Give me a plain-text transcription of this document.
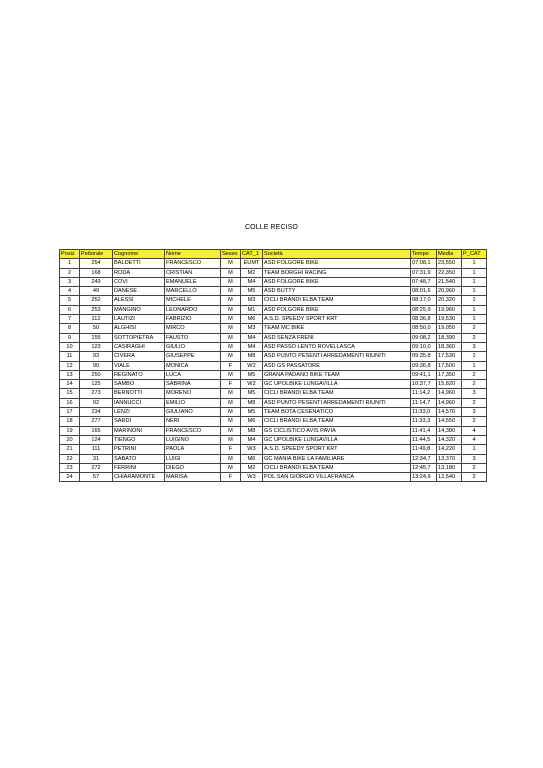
COLLE RECISO
Posiz	Pettorale	Cognome	Nome	Sesso	CAT_1	Società	Tempo	Media	P_CAT
1	254	BALDETTI	FRANCESCO	M	EUMT	ASD FOLGORE BIKE	07:08,1	23,550	1
2	168	RODA	CRISTIAN	M	M2	TEAM BORGHI RACING	07:31,9	22,350	1
3	249	COVI	EMANUELE	M	M4	ASD FOLGORE BIKE	07:48,7	21,540	1
4	49	DANESE	MARCELLO	M	M5	ASD BUTTY	08:01,6	20,960	1
5	252	ALESSI	MICHELE	M	M3	CICLI BRANDI ELBA TEAM	08:17,0	20,320	1
6	253	MANGINO	LEONARDO	M	M1	ASD FOLGORE BIKE	08:25,9	19,960	1
7	112	LAUTIZI	FABRIZIO	M	M6	A.S.D. SPEEDY SPORT KRT	08:36,8	19,530	1
8	50	ALGHISI	MIRCO	M	M3	TEAM MC BIKE	08:50,0	19,050	2
9	155	SOTTOPIETRA	FAUSTO	M	M4	ASD SENZA FRENI	09:08,2	18,390	2
10	123	CASIRAGHI	GIULIO	M	M4	ASD PASSO LENTO ROVELLASCA	09:10,0	18,360	3
11	93	CIVERA	GIUSEPPE	M	M8	ASD PUNTO PESENTI ARREDAMENTI RIUNITI	09:35,8	17,530	1
12	90	VIALE	MONICA	F	W2	ASD GS PASSATORE	09:36,8	17,500	1
13	250	REGINATO	LUCA	M	M5	GRANA PADANO BIKE TEAM	09:41,1	17,350	2
14	125	SAMBO	SABRINA	F	W2	GC UPOLBIKE LUNGAVILLA	10:37,7	15,820	2
15	273	BERNOTTI	MORENO	M	M5	CICLI BRANDI ELBA TEAM	11:14,2	14,960	3
16	92	IANNUCCI	EMILIO	M	M8	ASD PUNTO PESENTI ARREDAMENTI RIUNITI	11:14,7	14,960	2
17	234	LENZI	GIULIANO	M	M5	TEAM BOTA CESENATICO	11:33,0	14,570	3
18	277	SARDI	NERI	M	M6	CICLI BRANDI ELBA TEAM	11:33,3	14,550	2
19	165	MARINONI	FRANCESCO	M	M8	GS CICLISTICO AVIS PAVIA	11:41,4	14,380	4
20	124	TIENGO	LUIGINO	M	M4	GC UPOLBIKE LUNGAVILLA	11:44,5	14,320	4
21	111	PETRINI	PAOLA	F	W3	A.S.D. SPEEDY SPORT KRT	11:49,8	14,220	1
22	31	SABATO	LUIGI	M	M6	GC MANIA BIKE LA FAMILIARE	12:34,7	13,370	3
23	272	FERRINI	DIEGO	M	M2	CICLI BRANDI ELBA TEAM	12:45,7	13,180	2
24	57	CHIARAMONTE	MARISA	F	W3	POL.SAN GIORGIO VILLAFRANCA	13:24,9	12,540	2
